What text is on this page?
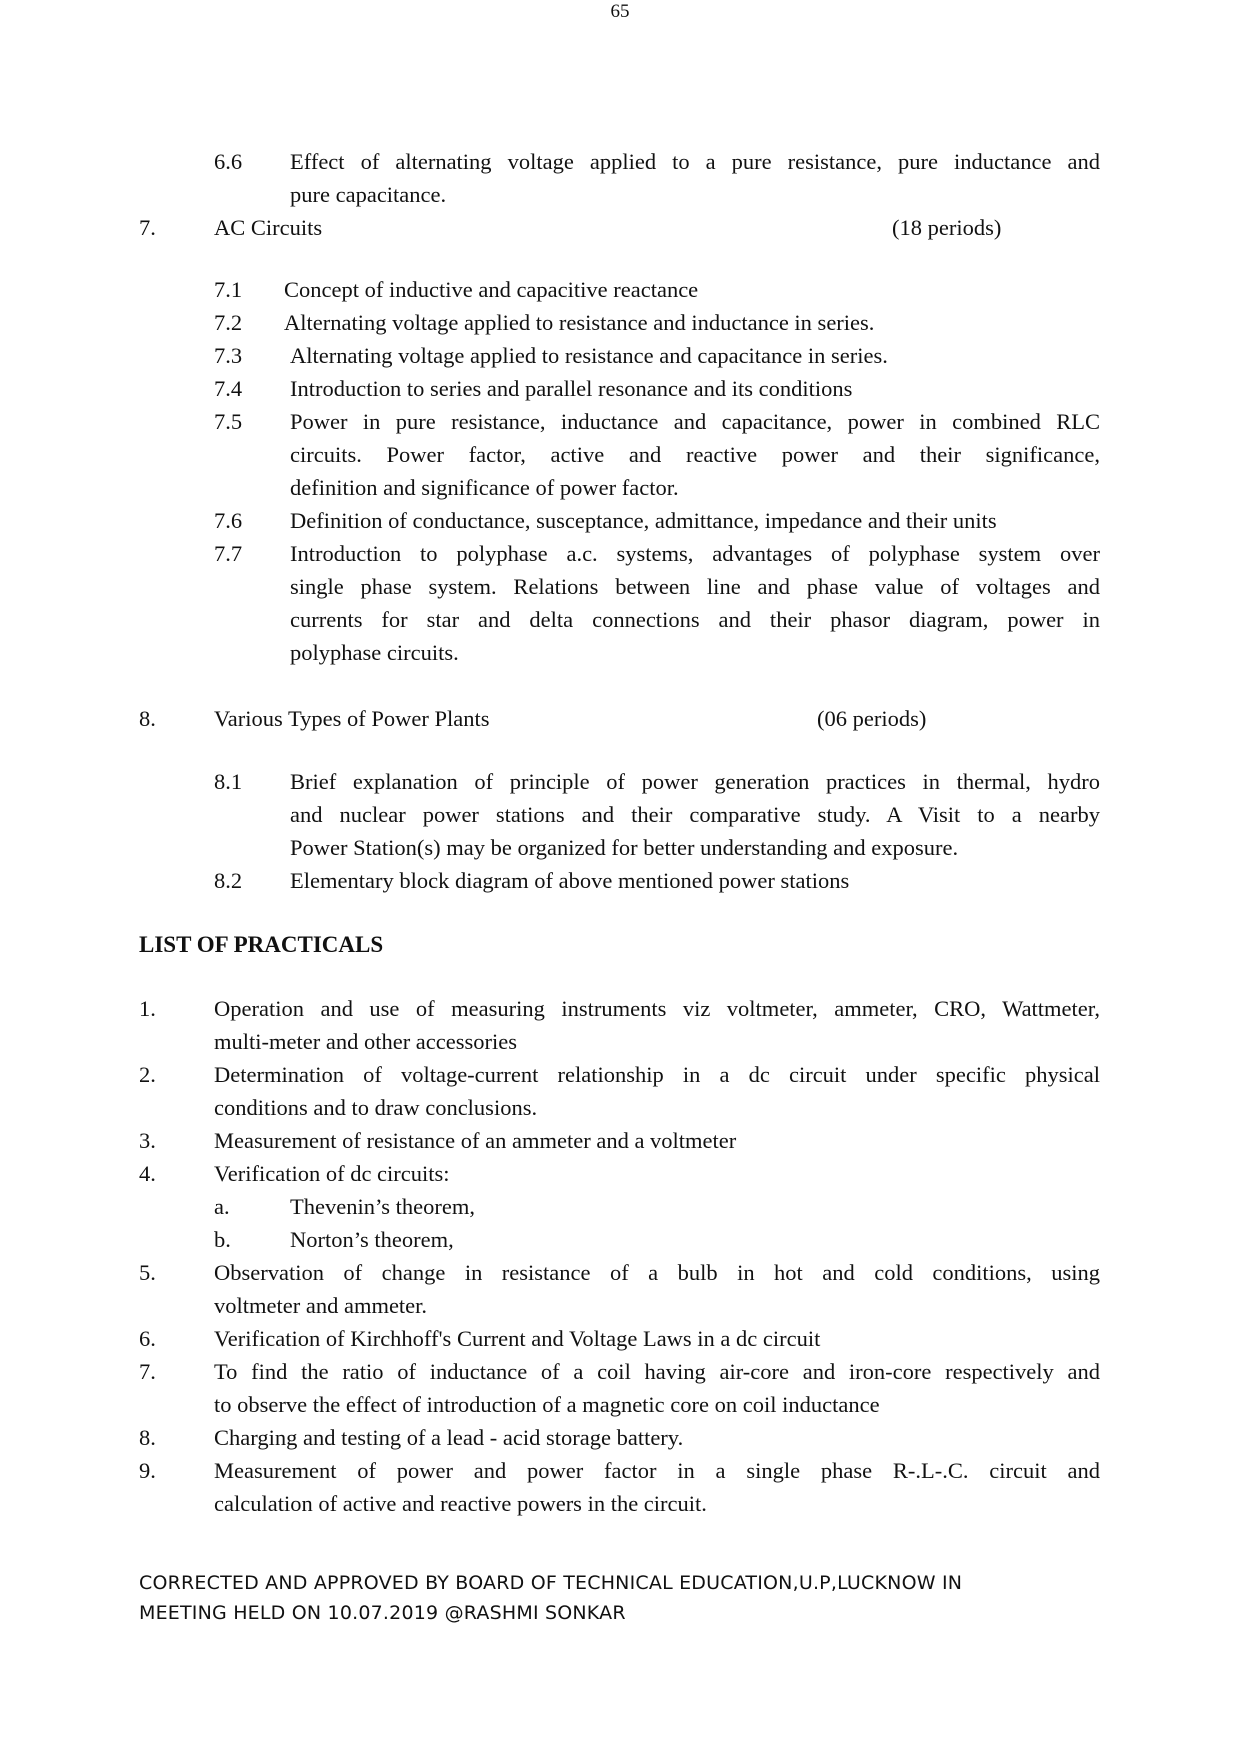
65
6.6 Effect of alternating voltage applied to a pure resistance, pure inductance and
pure capacitance.
7.	AC Circuits	(18 periods)
7.1 Concept of inductive and capacitive reactance
7.2 Alternating voltage applied to resistance and inductance in series.
7.3 Alternating voltage applied to resistance and capacitance in series.
7.4 Introduction to series and parallel resonance and its conditions
7.5 Power in pure resistance, inductance and capacitance, power in combined RLC
circuits. Power factor, active and reactive power and their significance,
definition and significance of power factor.
7.6 Definition of conductance, susceptance, admittance, impedance and their units
7.7 Introduction to polyphase a.c. systems, advantages of polyphase system over
single phase system. Relations between line and phase value of voltages and
currents for star and delta connections and their phasor diagram, power in
polyphase circuits.
8.	Various Types of Power Plants	(06 periods)
8.1 Brief explanation of principle of power generation practices in thermal, hydro
and nuclear power stations and their comparative study. A Visit to a nearby
Power Station(s) may be organized for better understanding and exposure.
8.2 Elementary block diagram of above mentioned power stations
LIST OF PRACTICALS
1.	Operation and use of measuring instruments viz voltmeter, ammeter, CRO, Wattmeter,
multi-meter and other accessories
2.	Determination of voltage-current relationship in a dc circuit under specific physical
conditions and to draw conclusions.
3.	Measurement of resistance of an ammeter and a voltmeter
4.	Verification of dc circuits:
a.	Thevenin’s theorem,
b.	Norton’s theorem,
5.	Observation of change in resistance of a bulb in hot and cold conditions, using
voltmeter and ammeter.
6.	Verification of Kirchhoff's Current and Voltage Laws in a dc circuit
7.	To find the ratio of inductance of a coil having air-core and iron-core respectively and
to observe the effect of introduction of a magnetic core on coil inductance
8.	Charging and testing of a lead - acid storage battery.
9.	Measurement of power and power factor in a single phase R-.L-.C. circuit and
calculation of active and reactive powers in the circuit.
CORRECTED AND APPROVED BY BOARD OF TECHNICAL EDUCATION,U.P,LUCKNOW IN
MEETING HELD ON 10.07.2019 @RASHMI SONKAR
